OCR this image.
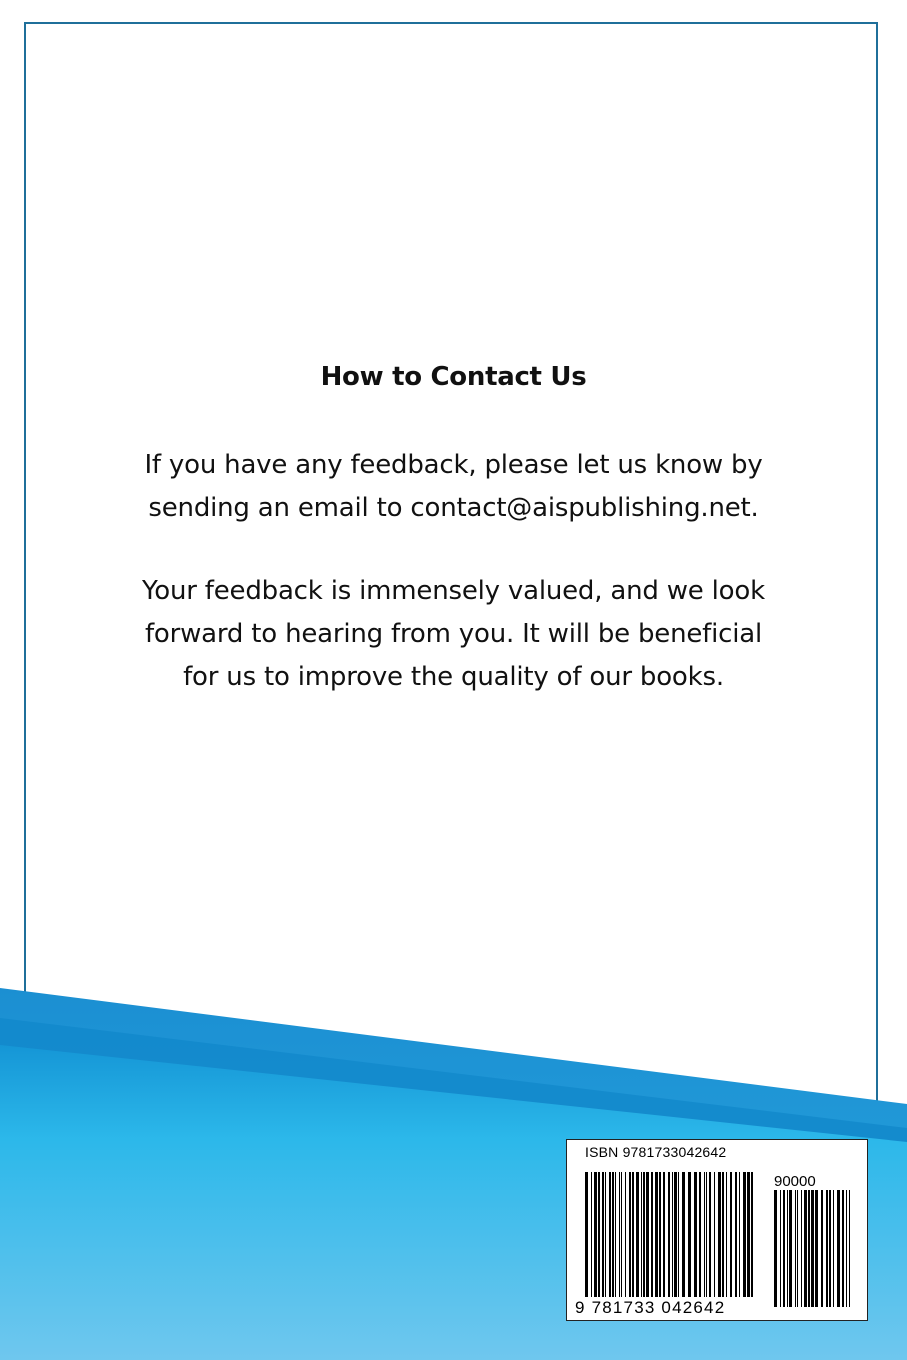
How to Contact Us

If you have any feedback, please let us know by
sending an email to contact@aispublishing.net.

Your feedback is immensely valued, and we look
forward to hearing from you. It will be beneficial
for us to improve the quality of our books.

ISBN 9781733042642
90000
9 781733 042642
